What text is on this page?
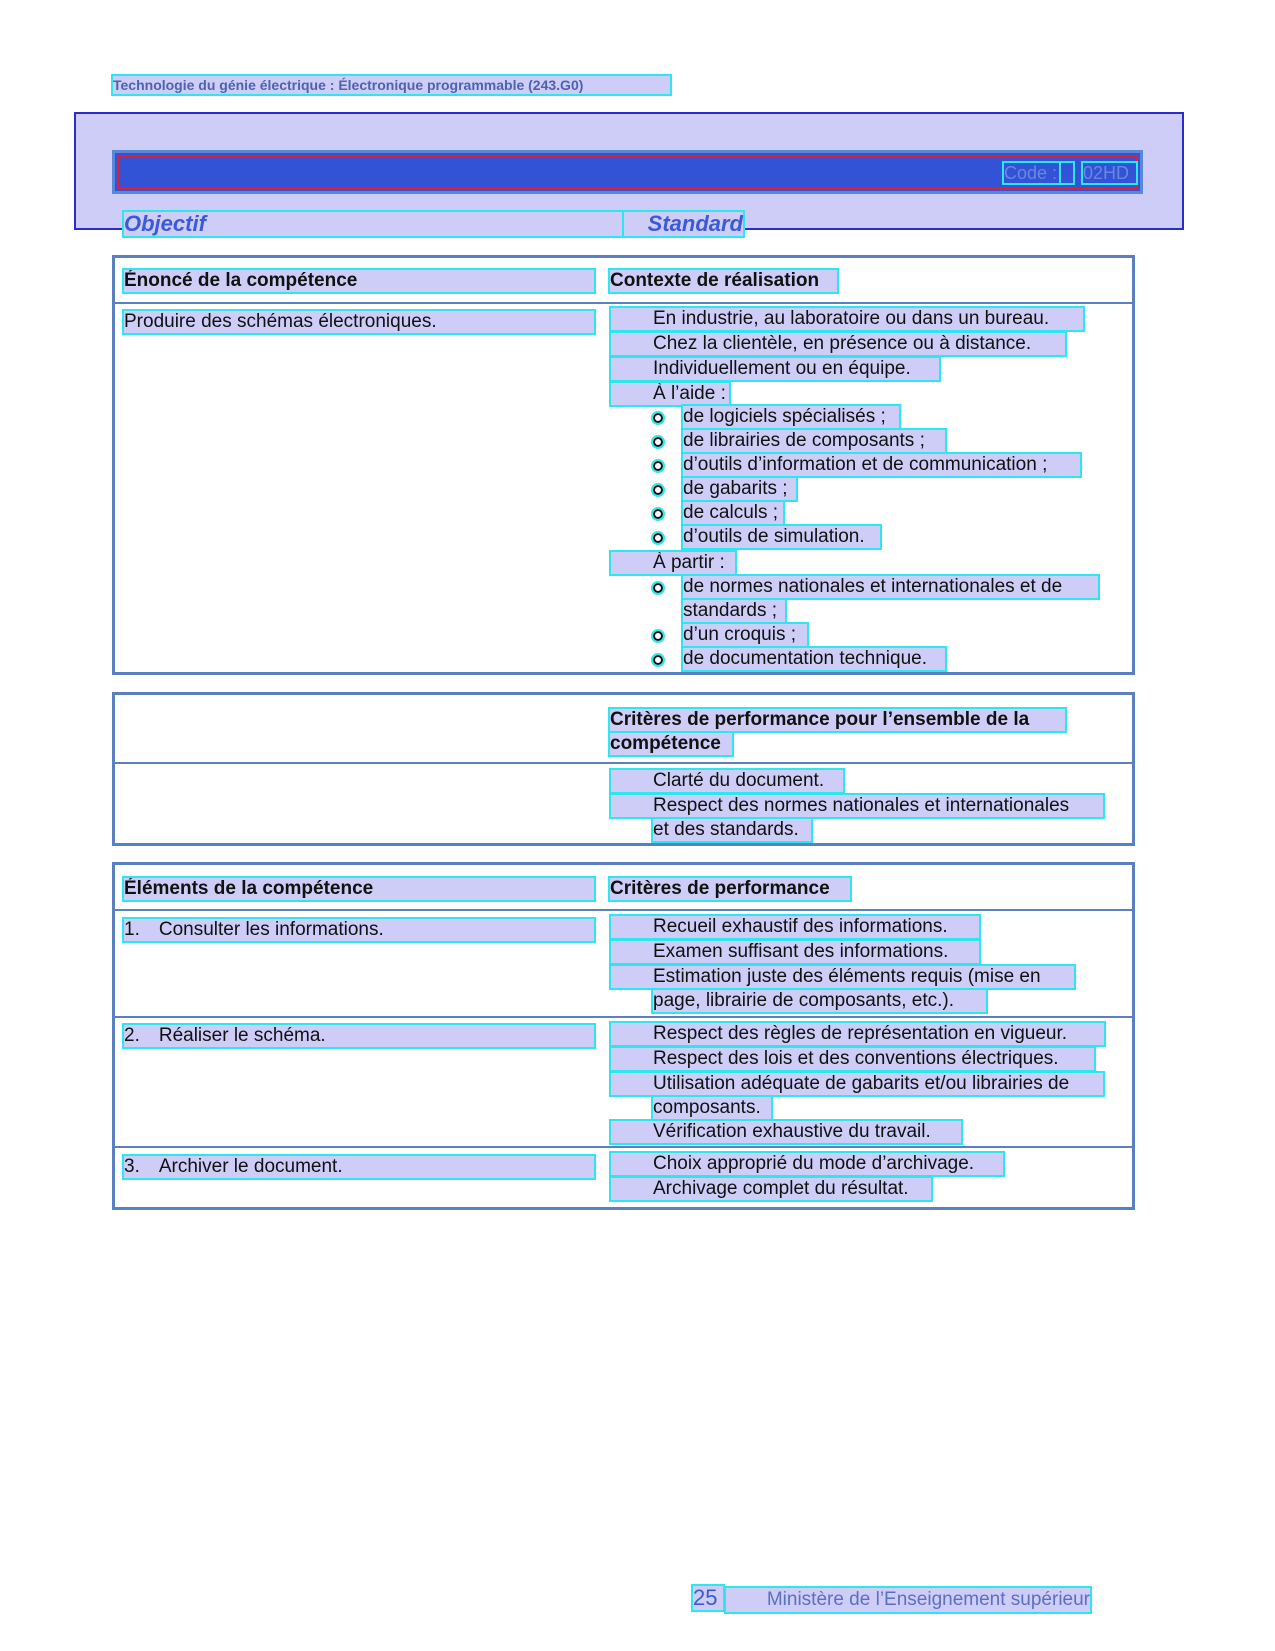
Technologie du génie électrique : Électronique programmable (243.G0)
Code : 02HD
Objectif	Standard
Énoncé de la compétence	Contexte de réalisation
Produire des schémas électroniques.	En industrie, au laboratoire ou dans un bureau.
Chez la clientèle, en présence ou à distance.
Individuellement ou en équipe.
À l’aide :
de logiciels spécialisés ;
de librairies de composants ;
d’outils d’information et de communication ;
de gabarits ;
de calculs ;
d’outils de simulation.
À partir :
de normes nationales et internationales et de
standards ;
d’un croquis ;
de documentation technique.
Critères de performance pour l’ensemble de la
compétence
Clarté du document.
Respect des normes nationales et internationales
et des standards.
Éléments de la compétence	Critères de performance
1. Consulter les informations.	Recueil exhaustif des informations.
Examen suffisant des informations.
Estimation juste des éléments requis (mise en
page, librairie de composants, etc.).
2. Réaliser le schéma.	Respect des règles de représentation en vigueur.
Respect des lois et des conventions électriques.
Utilisation adéquate de gabarits et/ou librairies de
composants.
Vérification exhaustive du travail.
3. Archiver le document.	Choix approprié du mode d’archivage.
Archivage complet du résultat.
25	Ministère de l’Enseignement supérieur
